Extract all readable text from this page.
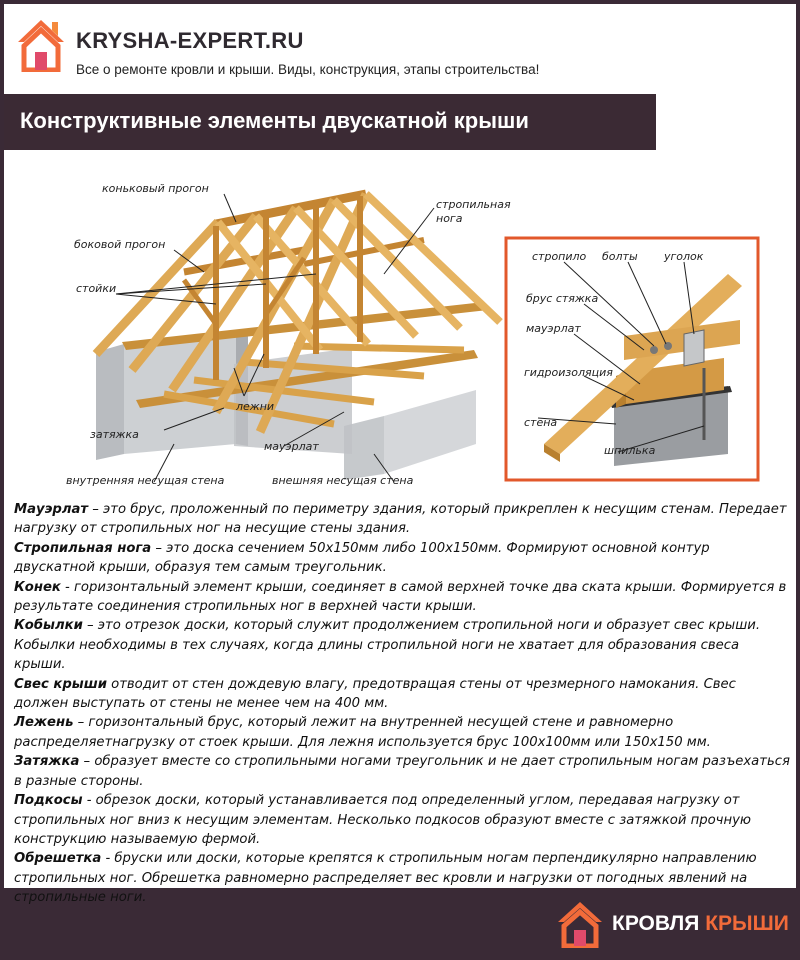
KRYSHA-EXPERT.RU
Все о ремонте кровли и крыши. Виды, конструкция, этапы строительства!
Конструктивные элементы двускатной крыши
коньковый прогон
боковой прогон
стойки
лежни
затяжка
мауэрлат
внутренняя несущая стена	внешняя несущая стена
стропильная
нога
стропило болты уголок
брус стяжка
мауэрлат
гидроизоляция
стена
шпилька

Мауэрлат – это брус, проложенный по периметру здания, который прикреплен к несущим стенам. Передает нагрузку от стропильных ног на несущие стены здания.

Стропильная нога – это доска сечением 50х150мм либо 100х150мм. Формируют основной контур двускатной крыши, образуя тем самым треугольник.

Конек - горизонтальный элемент крыши, соединяет в самой верхней точке два ската крыши. Формируется в результате соединения стропильных ног в верхней части крыши.

Кобылки – это отрезок доски, который служит продолжением стропильной ноги и образует свес крыши. Кобылки необходимы в тех случаях, когда длины стропильной ноги не хватает для образования свеса крыши.

Свес крыши отводит от стен дождевую влагу, предотвращая стены от чрезмерного намокания. Свес должен выступать от стены не менее чем на 400 мм.

Лежень – горизонтальный брус, который лежит на внутренней несущей стене и равномерно распределяетнагрузку от стоек крыши. Для лежня используется брус 100х100мм или 150х150 мм.

Затяжка – образует вместе со стропильными ногами треугольник и не дает стропильным ногам разъехаться в разные стороны.

Подкосы - обрезок доски, который устанавливается под определенный углом, передавая нагрузку от стропильных ног вниз к несущим элементам. Несколько подкосов образуют вместе с затяжкой прочную конструкцию называемую фермой.

Обрешетка - бруски или доски, которые крепятся к стропильным ногам перпендикулярно направлению стропильных ног. Обрешетка равномерно распределяет вес кровли и нагрузки от погодных явлений на стропильные ноги.

КРОВЛЯ КРЫШИ
